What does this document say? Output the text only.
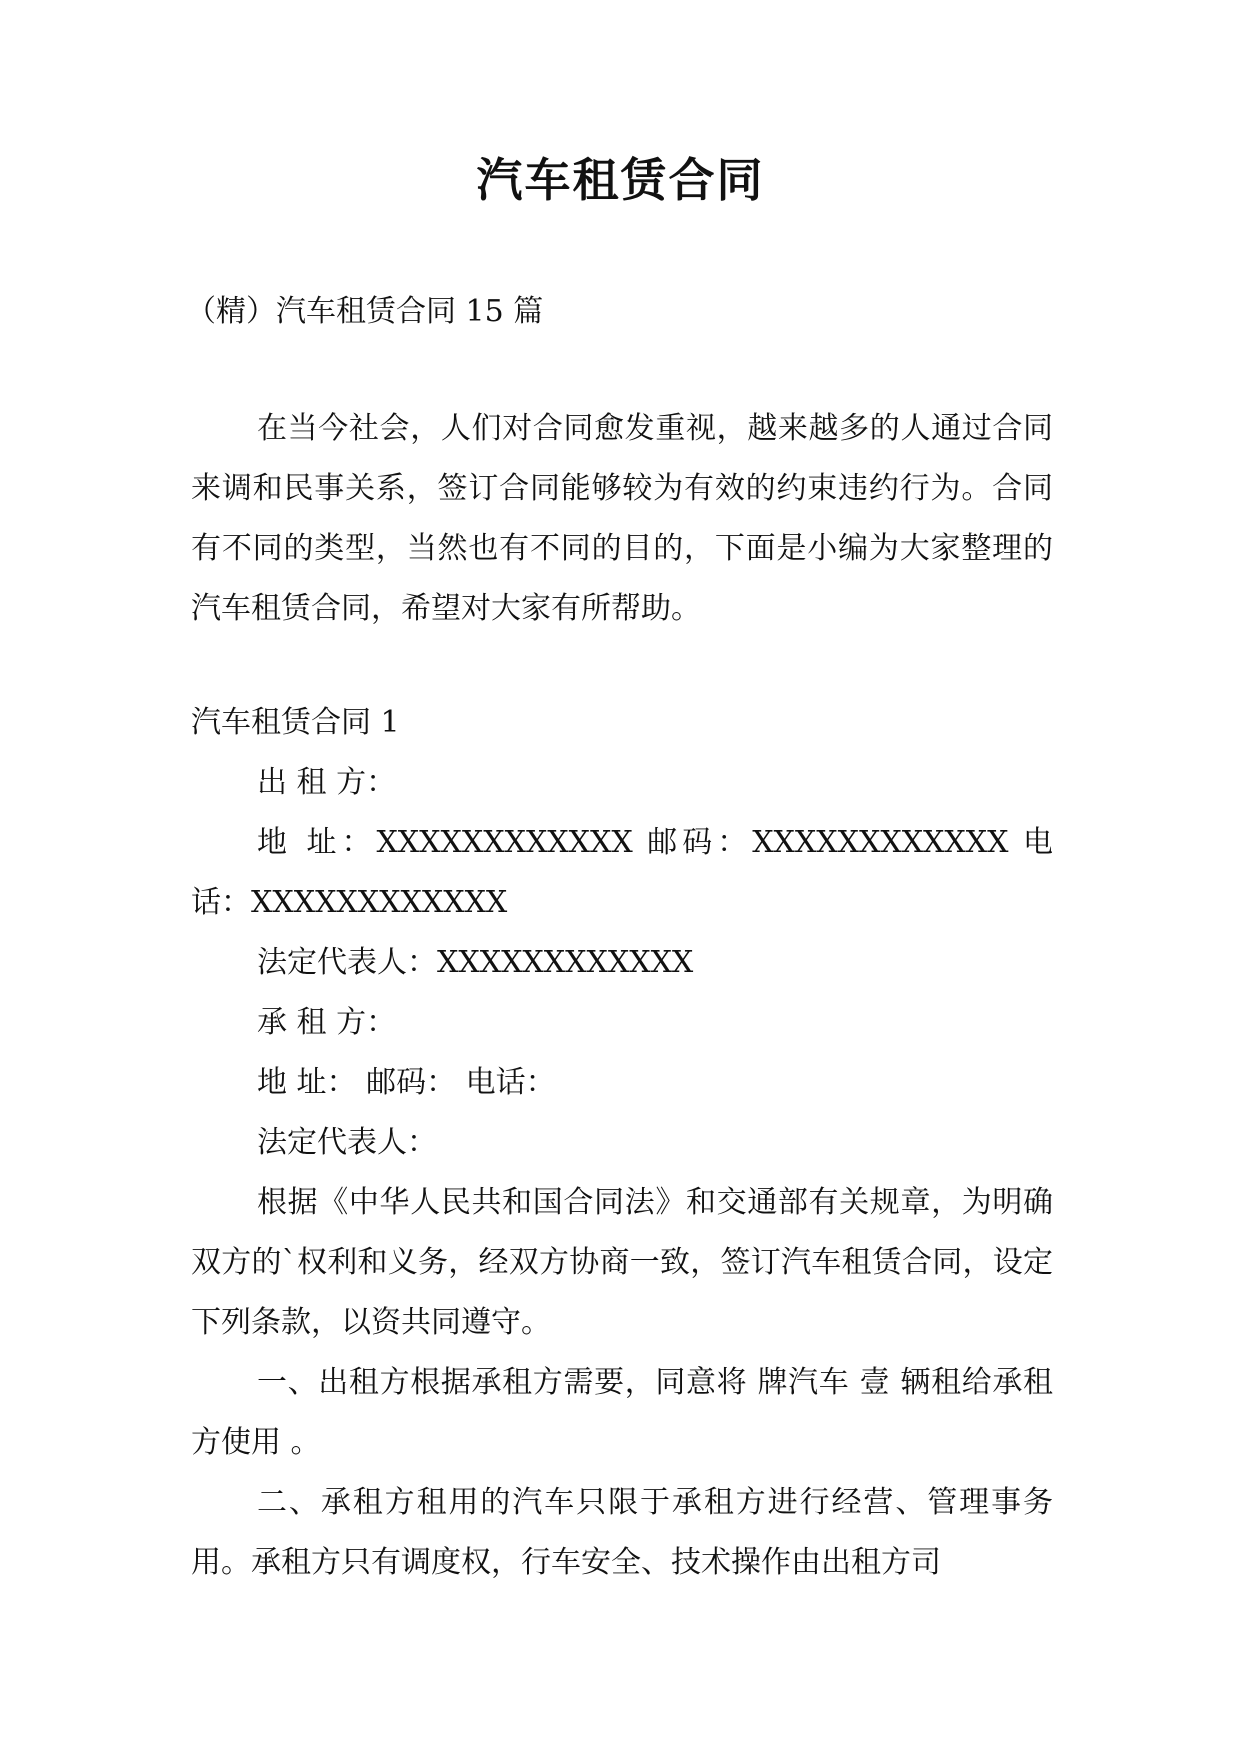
汽车租赁合同
（精）汽车租赁合同 15 篇
在当今社会，人们对合同愈发重视，越来越多的人通过合同来调和民事关系，签订合同能够较为有效的约束违约行为。合同有不同的类型，当然也有不同的目的，下面是小编为大家整理的汽车租赁合同，希望对大家有所帮助。

汽车租赁合同 1

出 租 方：

地 址：XXXXXXXXXXXX 邮码：XXXXXXXXXXXX 电话：XXXXXXXXXXXX

法定代表人：XXXXXXXXXXXX

承 租 方：

地 址： 邮码： 电话：

法定代表人：

根据《中华人民共和国合同法》和交通部有关规章，为明确双方的`权利和义务，经双方协商一致，签订汽车租赁合同，设定下列条款，以资共同遵守。

一、出租方根据承租方需要，同意将 牌汽车 壹 辆租给承租方使用 。

二、承租方租用的汽车只限于承租方进行经营、管理事务用。承租方只有调度权，行车安全、技术操作由出租方司
